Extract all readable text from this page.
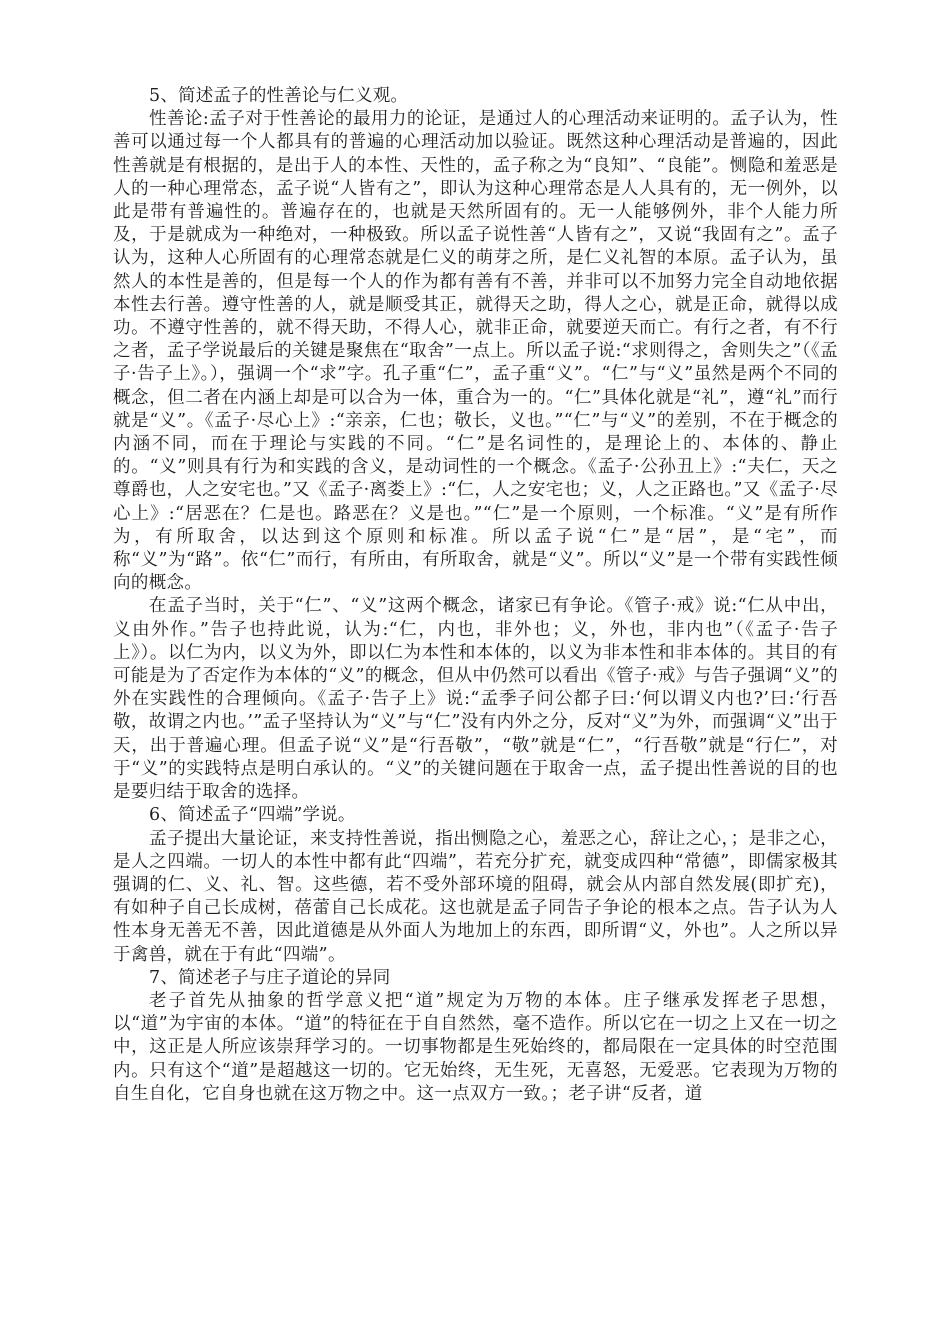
5、简述孟子的性善论与仁义观。

性善论:孟子对于性善论的最用力的论证，是通过人的心理活动来证明的。孟子认为，性善可以通过每一个人都具有的普遍的心理活动加以验证。既然这种心理活动是普遍的，因此性善就是有根据的，是出于人的本性、天性的，孟子称之为“良知”、“良能”。恻隐和羞恶是人的一种心理常态，孟子说“人皆有之”，即认为这种心理常态是人人具有的，无一例外，以此是带有普遍性的。普遍存在的，也就是天然所固有的。无一人能够例外，非个人能力所及，于是就成为一种绝对，一种极致。所以孟子说性善“人皆有之”，又说“我固有之”。孟子认为，这种人心所固有的心理常态就是仁义的萌芽之所，是仁义礼智的本原。孟子认为，虽然人的本性是善的，但是每一个人的作为都有善有不善，并非可以不加努力完全自动地依据本性去行善。遵守性善的人，就是顺受其正，就得天之助，得人之心，就是正命，就得以成功。不遵守性善的，就不得天助，不得人心，就非正命，就要逆天而亡。有行之者，有不行之者，孟子学说最后的关键是聚焦在“取舍”一点上。所以孟子说:“求则得之，舍则失之”（《孟子·告子上》。），强调一个“求”字。孔子重“仁”，孟子重“义”。“仁”与“义”虽然是两个不同的概念，但二者在内涵上却是可以合为一体，重合为一的。“仁”具体化就是“礼”，遵“礼”而行就是“义”。《孟子·尽心上》:“亲亲，仁也；敬长，义也。”“仁”与“义”的差别，不在于概念的内涵不同，而在于理论与实践的不同。“仁”是名词性的，是理论上的、本体的、静止的。“义”则具有行为和实践的含义，是动词性的一个概念。《孟子·公孙丑上》:“夫仁，天之尊爵也，人之安宅也。”又《孟子·离娄上》:“仁，人之安宅也；义，人之正路也。”又《孟子·尽心上》:“居恶在？仁是也。路恶在？义是也。”“仁”是一个原则，一个标准。“义”是有所作为，有所取舍，以达到这个原则和标准。所以孟子说“仁”是“居”，是“宅”，而称“义”为“路”。依“仁”而行，有所由，有所取舍，就是“义”。所以“义”是一个带有实践性倾向的概念。

在孟子当时，关于“仁”、“义”这两个概念，诸家已有争论。《管子·戒》说:“仁从中出，义由外作。”告子也持此说，认为:“仁，内也，非外也；义，外也，非内也”（《孟子·告子上》）。以仁为内，以义为外，即以仁为本性和本体的，以义为非本性和非本体的。其目的有可能是为了否定作为本体的“义”的概念，但从中仍然可以看出《管子·戒》与告子强调“义”的外在实践性的合理倾向。《孟子·告子上》说:“孟季子问公都子曰:‘何以谓义内也?’曰:‘行吾敬，故谓之内也。’”孟子坚持认为“义”与“仁”没有内外之分，反对“义”为外，而强调“义”出于天，出于普遍心理。但孟子说“义”是“行吾敬”，“敬”就是“仁”，“行吾敬”就是“行仁”，对于“义”的实践特点是明白承认的。“义”的关键问题在于取舍一点，孟子提出性善说的目的也是要归结于取舍的选择。

6、简述孟子“四端”学说。

孟子提出大量论证，来支持性善说，指出恻隐之心，羞恶之心，辞让之心，；是非之心，是人之四端。一切人的本性中都有此“四端”，若充分扩充，就变成四种“常德”，即儒家极其强调的仁、义、礼、智。这些德，若不受外部环境的阻碍，就会从内部自然发展(即扩充)，有如种子自己长成树，蓓蕾自己长成花。这也就是孟子同告子争论的根本之点。告子认为人性本身无善无不善，因此道德是从外面人为地加上的东西，即所谓“义，外也”。人之所以异于禽兽，就在于有此“四端”。

7、简述老子与庄子道论的异同

老子首先从抽象的哲学意义把“道”规定为万物的本体。庄子继承发挥老子思想，以“道”为宇宙的本体。“道”的特征在于自自然然，毫不造作。所以它在一切之上又在一切之中，这正是人所应该崇拜学习的。一切事物都是生死始终的，都局限在一定具体的时空范围内。只有这个“道”是超越这一切的。它无始终，无生死，无喜怒，无爱恶。它表现为万物的自生自化，它自身也就在这万物之中。这一点双方一致。；老子讲“反者，道
